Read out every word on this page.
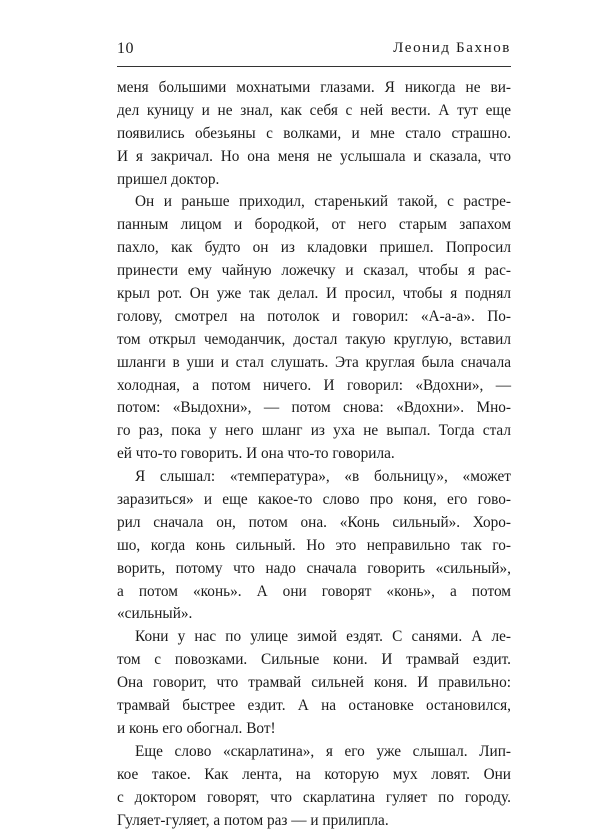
10	Леонид Бахнов
меня большими мохнатыми глазами. Я никогда не ви-
дел куницу и не знал, как себя с ней вести. А тут еще
появились обезьяны с волками, и мне стало страшно.
И я закричал. Но она меня не услышала и сказала, что
пришел доктор.
Он и раньше приходил, старенький такой, с растре-
панным лицом и бородкой, от него старым запахом
пахло, как будто он из кладовки пришел. Попросил
принести ему чайную ложечку и сказал, чтобы я рас-
крыл рот. Он уже так делал. И просил, чтобы я поднял
голову, смотрел на потолок и говорил: «А-а-а». По-
том открыл чемоданчик, достал такую круглую, вставил
шланги в уши и стал слушать. Эта круглая была сначала
холодная, а потом ничего. И говорил: «Вдохни», —
потом: «Выдохни», — потом снова: «Вдохни». Мно-
го раз, пока у него шланг из уха не выпал. Тогда стал
ей что-то говорить. И она что-то говорила.
Я слышал: «температура», «в больницу», «может
заразиться» и еще какое-то слово про коня, его гово-
рил сначала он, потом она. «Конь сильный». Хоро-
шо, когда конь сильный. Но это неправильно так го-
ворить, потому что надо сначала говорить «сильный»,
а потом «конь». А они говорят «конь», а потом
«сильный».
Кони у нас по улице зимой ездят. С санями. А ле-
том с повозками. Сильные кони. И трамвай ездит.
Она говорит, что трамвай сильней коня. И правильно:
трамвай быстрее ездит. А на остановке остановился,
и конь его обогнал. Вот!
Еще слово «скарлатина», я его уже слышал. Лип-
кое такое. Как лента, на которую мух ловят. Они
с доктором говорят, что скарлатина гуляет по городу.
Гуляет-гуляет, а потом раз — и прилипла.
